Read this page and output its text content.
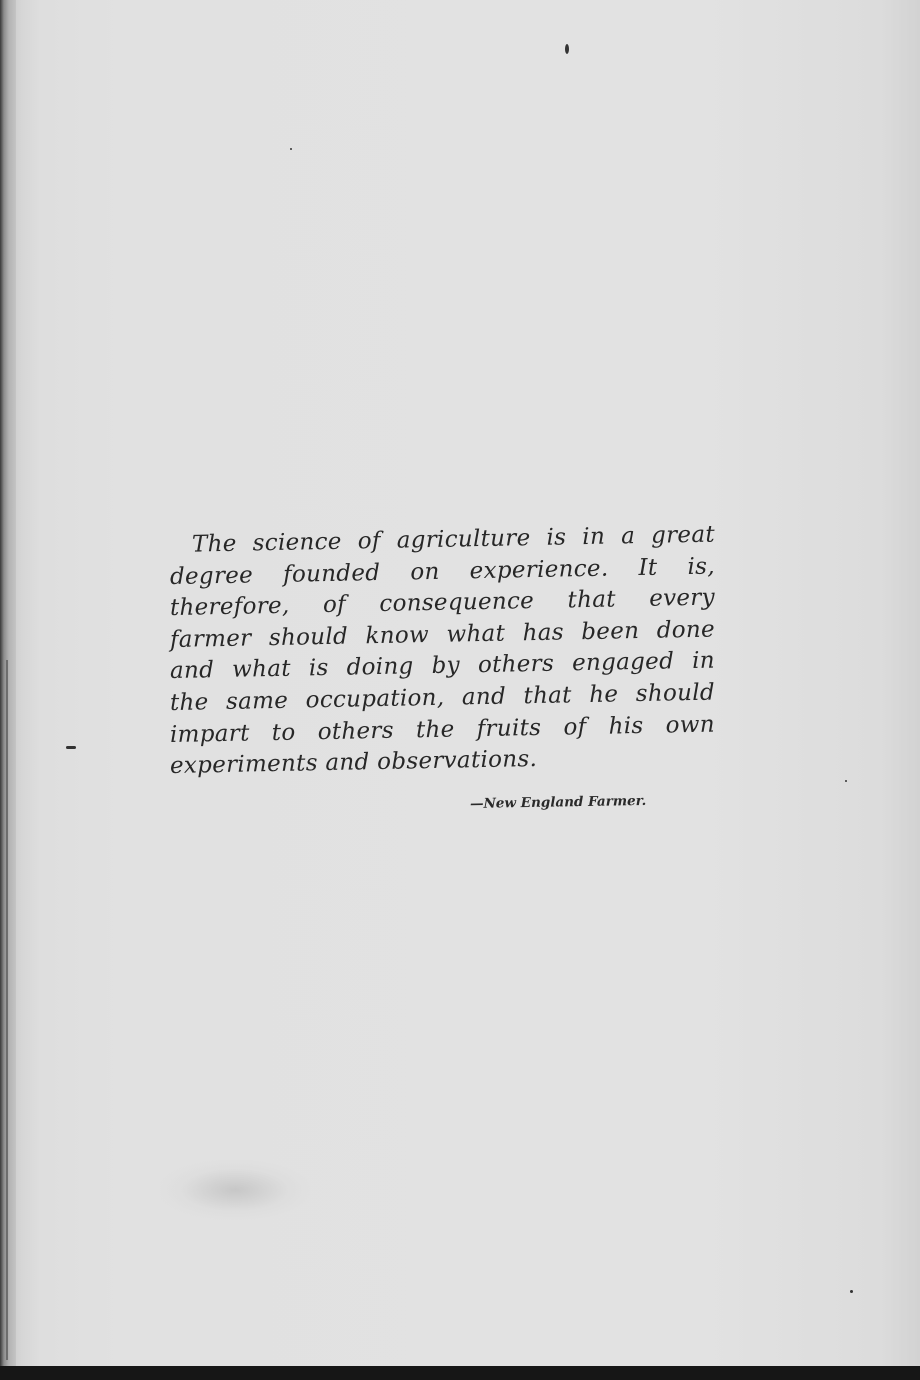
The science of agriculture is in a great
degree founded on experience. It is,
therefore, of consequence that every
farmer should know what has been done
and what is doing by others engaged in
the same occupation, and that he should
impart to others the fruits of his own
experiments and observations.
—New England Farmer.
